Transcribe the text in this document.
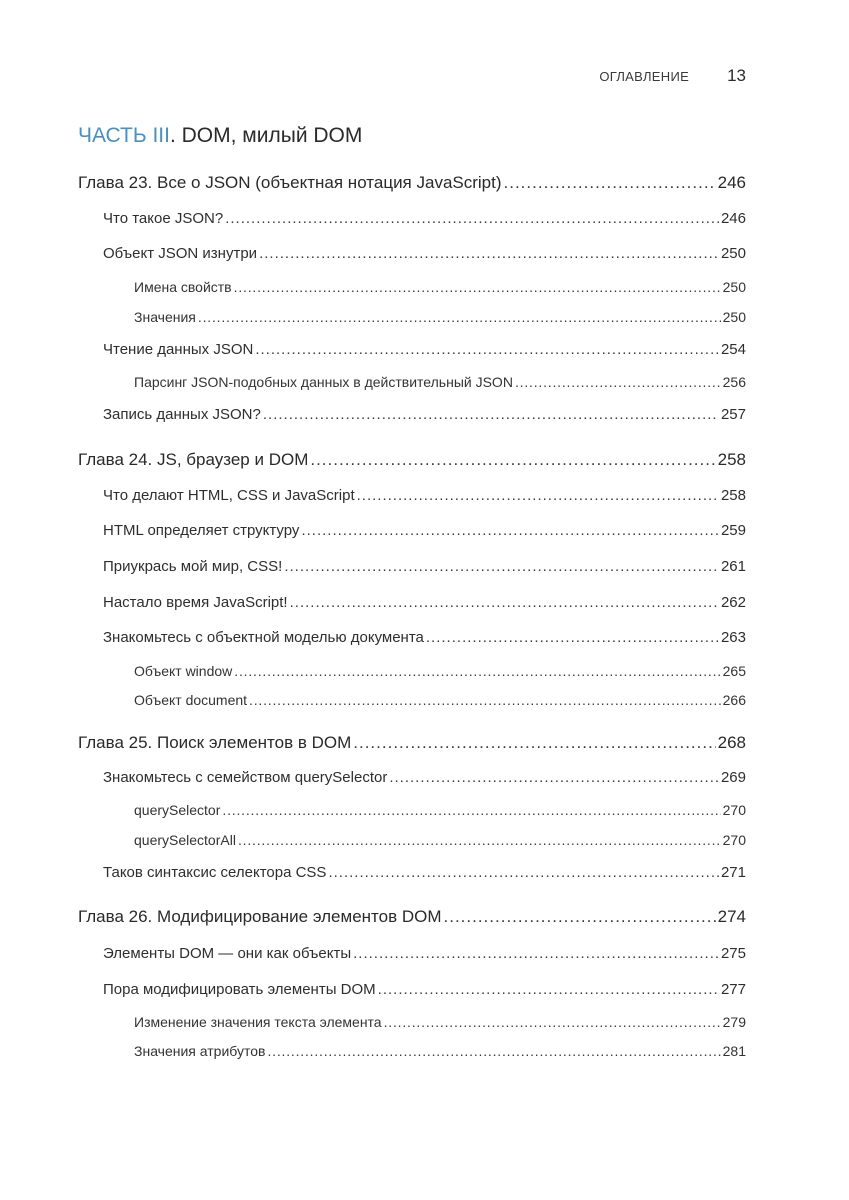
ОГЛАВЛЕНИЕ 13
ЧАСТЬ III. DOM, милый DOM
Глава 23. Все о JSON (объектная нотация JavaScript) .....	246
Что такое JSON? .....	246
Объект JSON изнутри .....	250
Имена свойств .....	250
Значения .....	250
Чтение данных JSON .....	254
Парсинг JSON-подобных данных в действительный JSON .....	256
Запись данных JSON? .....	257
Глава 24. JS, браузер и DOM .....	258
Что делают HTML, CSS и JavaScript .....	258
HTML определяет структуру .....	259
Приукрась мой мир, CSS! .....	261
Настало время JavaScript! .....	262
Знакомьтесь с объектной моделью документа .....	263
Объект window .....	265
Объект document .....	266
Глава 25. Поиск элементов в DOM .....	268
Знакомьтесь с семейством querySelector .....	269
querySelector .....	270
querySelectorAll .....	270
Таков синтаксис селектора CSS .....	271
Глава 26. Модифицирование элементов DOM .....	274
Элементы DOM — они как объекты .....	275
Пора модифицировать элементы DOM .....	277
Изменение значения текста элемента .....	279
Значения атрибутов .....	281
